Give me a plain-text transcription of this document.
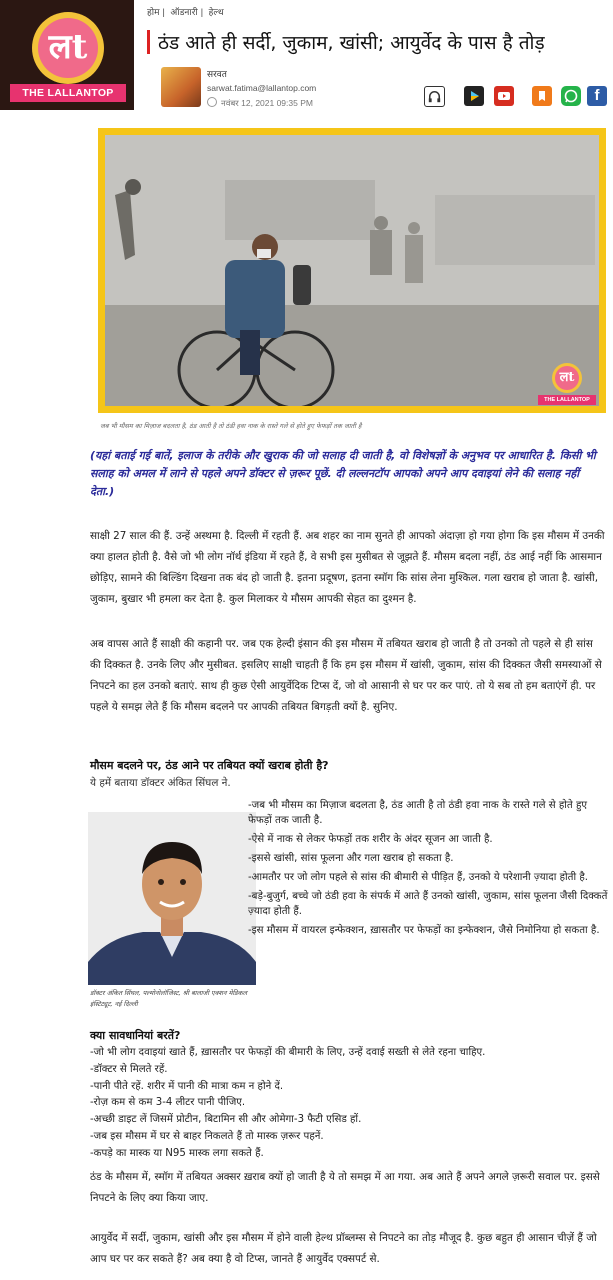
लt
THE LALLANTOP
होम | ऑडनारी | हेल्थ
ठंड आते ही सर्दी, जुकाम, खांसी; आयुर्वेद के पास है तोड़
सरवत
sarwat.fatima@lallantop.com
नवंबर 12, 2021 09:35 PM	f
लt
THE LALLANTOP
जब भी मौसम का मिज़ाज बदलता है, ठंड आती है तो ठंडी हवा नाक के रास्ते गले से होते हुए फेफड़ों तक जाती है

(यहां बताई गई बातें, इलाज के तरीके और खुराक की जो सलाह दी जाती है, वो विशेषज्ञों के अनुभव पर आधारित है. किसी भी सलाह को अमल में लाने से पहले अपने डॉक्टर से ज़रूर पूछें. दी लल्लनटॉप आपको अपने आप दवाइयां लेने की सलाह नहीं देता.)

साक्षी 27 साल की हैं. उन्हें अस्थमा है. दिल्ली में रहती हैं. अब शहर का नाम सुनते ही आपको अंदाज़ा हो गया होगा कि इस मौसम में उनकी क्या हालत होती है. वैसे जो भी लोग नॉर्थ इंडिया में रहते हैं, वे सभी इस मुसीबत से जूझते हैं. मौसम बदला नहीं, ठंड आई नहीं कि आसमान छोड़िए, सामने की बिल्डिंग दिखना तक बंद हो जाती है. इतना प्रदूषण, इतना स्मॉग कि सांस लेना मुश्किल. गला खराब हो जाता है. खांसी, जुकाम, बुखार भी हमला कर देता है. कुल मिलाकर ये मौसम आपकी सेहत का दुश्मन है.

अब वापस आते हैं साक्षी की कहानी पर. जब एक हेल्दी इंसान की इस मौसम में तबियत खराब हो जाती है तो उनको तो पहले से ही सांस की दिक्कत है. उनके लिए और मुसीबत. इसलिए साक्षी चाहती हैं कि हम इस मौसम में खांसी, जुकाम, सांस की दिक्कत जैसी समस्याओं से निपटने का हल उनको बताएं. साथ ही कुछ ऐसी आयुर्वेदिक टिप्स दें, जो वो आसानी से घर पर कर पाएं. तो ये सब तो हम बताएंगें ही. पर पहले ये समझ लेते हैं कि मौसम बदलने पर आपकी तबियत बिगड़ती क्यों है. सुनिए.

मौसम बदलने पर, ठंड आने पर तबियत क्यों खराब होती है?
ये हमें बताया डॉक्टर अंकित सिंघल ने.
डॉक्टर अंकित सिंघल, पल्मोनोलॉजिस्ट, श्री बालाजी एक्शन मेडिकल इंस्टिट्यूट, नई दिल्ली
-जब भी मौसम का मिज़ाज बदलता है, ठंड आती है तो ठंडी हवा नाक के रास्ते गले से होते हुए फेफड़ों तक जाती है.
-ऐसे में नाक से लेकर फेफड़ों तक शरीर के अंदर सूजन आ जाती है.
-इससे खांसी, सांस फूलना और गला खराब हो सकता है.
-आमतौर पर जो लोग पहले से सांस की बीमारी से पीड़ित हैं, उनको ये परेशानी ज़्यादा होती है.
-बड़े-बुजुर्ग, बच्चे जो ठंडी हवा के संपर्क में आते हैं उनको खांसी, जुकाम, सांस फूलना जैसी दिक्कतें ज़्यादा होती हैं.
-इस मौसम में वायरल इन्फेक्शन, ख़ासतौर पर फेफड़ों का इन्फेक्शन, जैसे निमोनिया हो सकता है.
क्या सावधानियां बरतें?
-जो भी लोग दवाइयां खाते हैं, ख़ासतौर पर फेफड़ों की बीमारी के लिए, उन्हें दवाई सख्ती से लेते रहना चाहिए.
-डॉक्टर से मिलते रहें.
-पानी पीते रहें. शरीर में पानी की मात्रा कम न होने दें.
-रोज़ कम से कम 3-4 लीटर पानी पीजिए.
-अच्छी डाइट लें जिसमें प्रोटीन, बिटामिन सी और ओमेगा-3 फैटी एसिड हों.
-जब इस मौसम में घर से बाहर निकलते हैं तो मास्क ज़रूर पहनें.
-कपड़े का मास्क या N95 मास्क लगा सकते हैं.

ठंड के मौसम में, स्मॉग में तबियत अक्सर ख़राब क्यों हो जाती है ये तो समझ में आ गया. अब आते हैं अपने अगले ज़रूरी सवाल पर. इससे निपटने के लिए क्या किया जाए.

आयुर्वेद में सर्दी, जुकाम, खांसी और इस मौसम में होने वाली हेल्थ प्रॉब्लम्स से निपटने का तोड़ मौजूद है. कुछ बहुत ही आसान चीज़ें हैं जो आप घर पर कर सकते हैं? अब क्या है वो टिप्स, जानते हैं आयुर्वेद एक्सपर्ट से.
